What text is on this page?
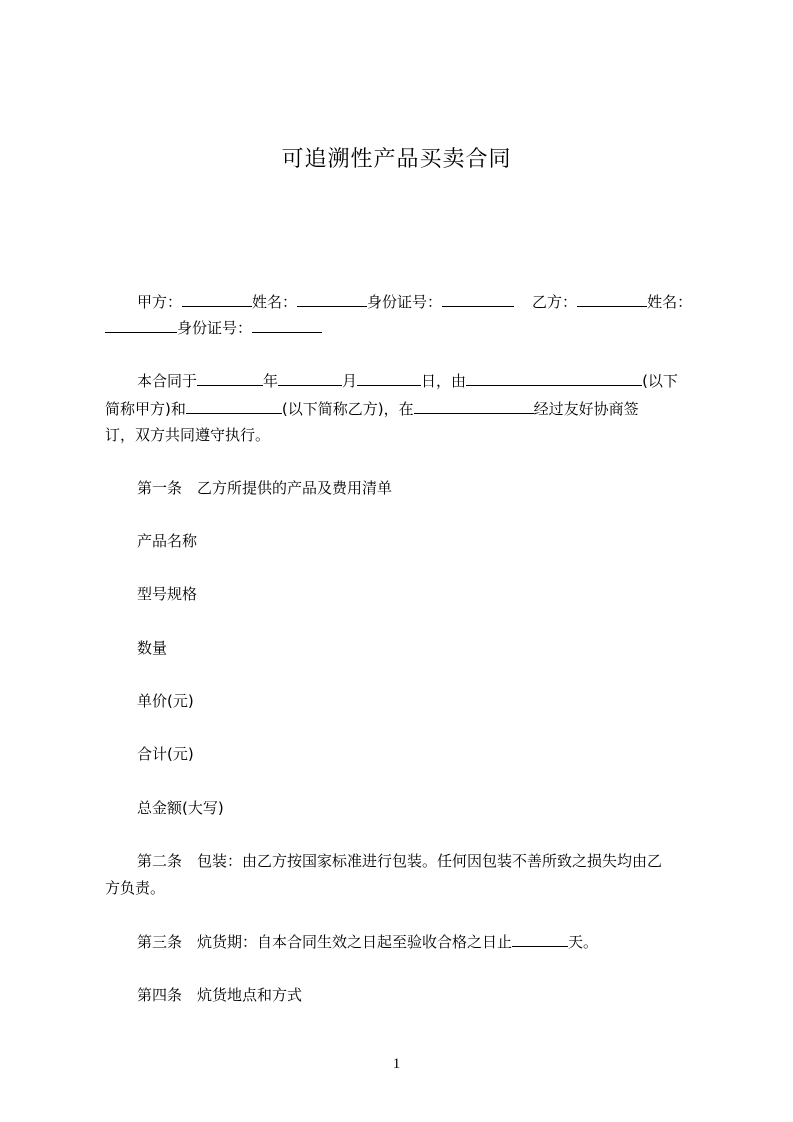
可追溯性产品买卖合同
甲方：	姓名：	身份证号：	乙方：	姓名：
身份证号：
本合同于	年	月	日，由	(以下
简称甲方)和	(以下简称乙方)，在	经过友好协商签
订，双方共同遵守执行。
第一条　乙方所提供的产品及费用清单
产品名称
型号规格
数量
单价(元)
合计(元)
总金额(大写)
第二条　包装：由乙方按国家标准进行包装。任何因包装不善所致之损失均由乙
方负责。
第三条　炕货期：自本合同生效之日起至验收合格之日止	天。
第四条　炕货地点和方式
1
